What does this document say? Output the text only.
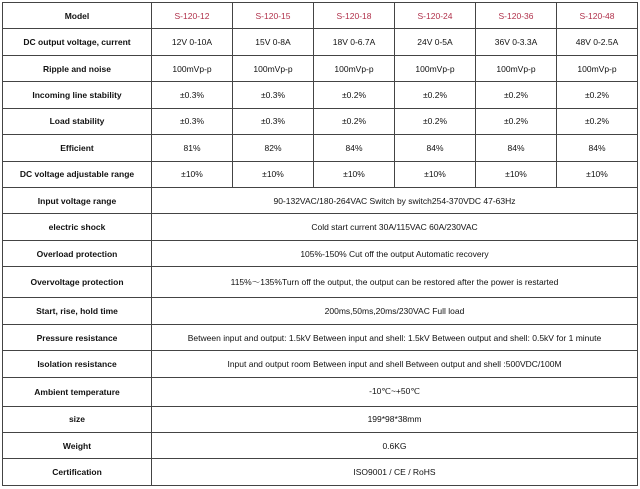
Model	S-120-12	S-120-15	S-120-18	S-120-24	S-120-36	S-120-48
DC output voltage, current	12V 0-10A	15V 0-8A	18V 0-6.7A	24V 0-5A	36V 0-3.3A	48V 0-2.5A
Ripple and noise	100mVp-p	100mVp-p	100mVp-p	100mVp-p	100mVp-p	100mVp-p
Incoming line stability	±0.3%	±0.3%	±0.2%	±0.2%	±0.2%	±0.2%
Load stability	±0.3%	±0.3%	±0.2%	±0.2%	±0.2%	±0.2%
Efficient	81%	82%	84%	84%	84%	84%
DC voltage adjustable range	±10%	±10%	±10%	±10%	±10%	±10%
Input voltage range	90-132VAC/180-264VAC Switch by switch254-370VDC 47-63Hz					
electric shock	Cold start current 30A/115VAC 60A/230VAC					
Overload protection	105%-150% Cut off the output Automatic recovery					
Overvoltage protection	115%～135%Turn off the output, the output can be restored after the power is restarted					
Start, rise, hold time	200ms,50ms,20ms/230VAC Full load					
Pressure resistance	Between input and output: 1.5kV Between input and shell: 1.5kV Between output and shell: 0.5kV for 1 minute					
Isolation resistance	Input and output room Between input and shell Between output and shell :500VDC/100M					
Ambient temperature	-10℃~+50℃					
size	199*98*38mm					
Weight	0.6KG					
Certification	ISO9001 / CE / RoHS					
